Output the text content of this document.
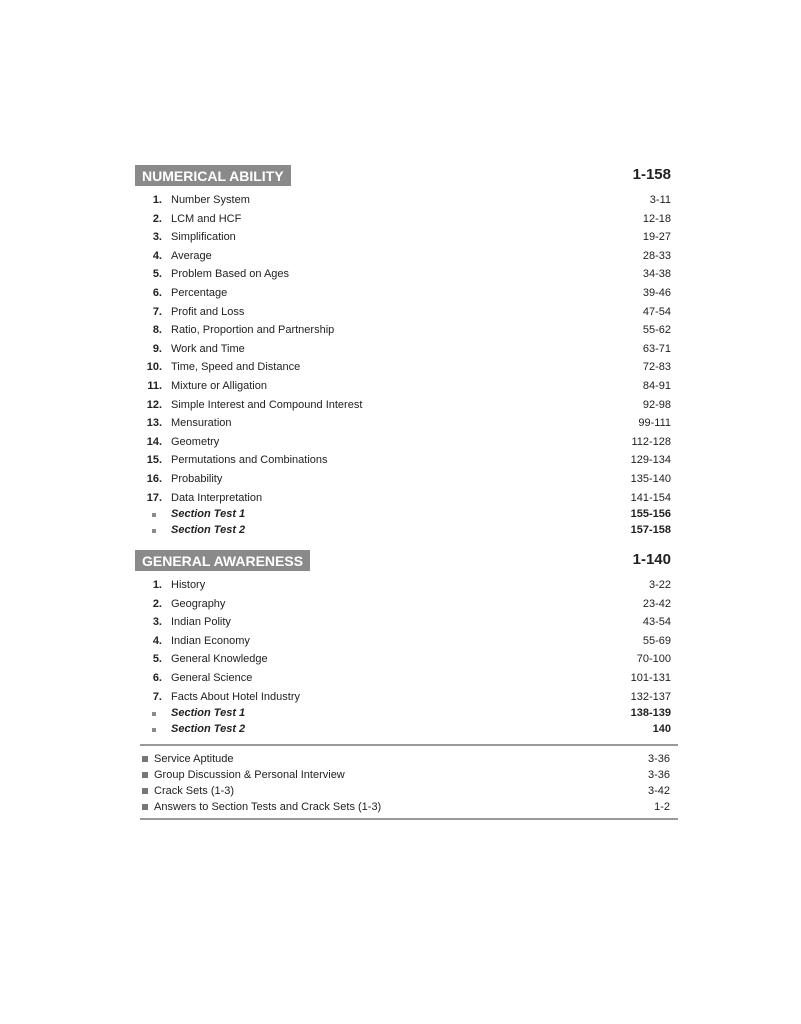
NUMERICAL ABILITY	1-158
1. Number System	3-11
2. LCM and HCF	12-18
3. Simplification	19-27
4. Average	28-33
5. Problem Based on Ages	34-38
6. Percentage	39-46
7. Profit and Loss	47-54
8. Ratio, Proportion and Partnership	55-62
9. Work and Time	63-71
10. Time, Speed and Distance	72-83
11. Mixture or Alligation	84-91
12. Simple Interest and Compound Interest	92-98
13. Mensuration	99-111
14. Geometry	112-128
15. Permutations and Combinations	129-134
16. Probability	135-140
17. Data Interpretation	141-154
Section Test 1	155-156
Section Test 2	157-158
GENERAL AWARENESS	1-140
1. History	3-22
2. Geography	23-42
3. Indian Polity	43-54
4. Indian Economy	55-69
5. General Knowledge	70-100
6. General Science	101-131
7. Facts About Hotel Industry	132-137
Section Test 1	138-139
Section Test 2	140
Service Aptitude	3-36
Group Discussion & Personal Interview	3-36
Crack Sets (1-3)	3-42
Answers to Section Tests and Crack Sets (1-3)	1-2
